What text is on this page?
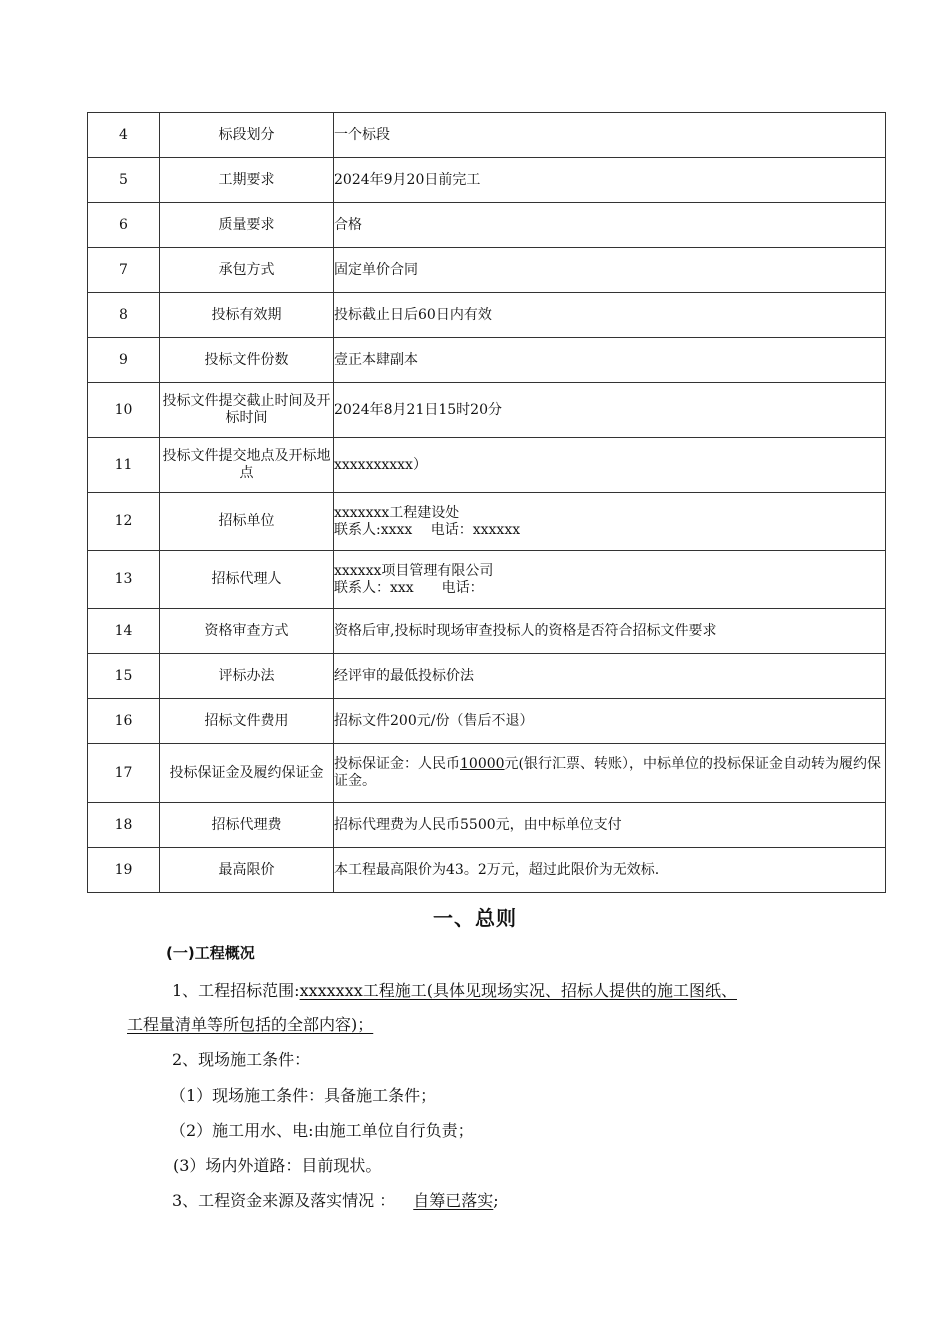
4	标段划分	一个标段
5	工期要求	2024年9月20日前完工
6	质量要求	合格
7	承包方式	固定单价合同
8	投标有效期	投标截止日后60日内有效
9	投标文件份数	壹正本肆副本
10	投标文件提交截止时间及开标时间	2024年8月21日15时20分
11	投标文件提交地点及开标地点	xxxxxxxxxx）
12	招标单位	xxxxxxx工程建设处
联系人:xxxx　 电话：xxxxxx

13	招标代理人	xxxxxx项目管理有限公司
联系人：xxx　　电话：

14	资格审查方式	资格后审,投标时现场审查投标人的资格是否符合招标文件要求
15	评标办法	经评审的最低投标价法
16	招标文件费用	招标文件200元/份（售后不退）
17	投标保证金及履约保证金	投标保证金：人民币10000元(银行汇票、转账），中标单位的投标保证金自动转为履约保证金。
18	招标代理费	招标代理费为人民币5500元，由中标单位支付
19	最高限价	本工程最高限价为43。2万元，超过此限价为无效标.
一、总则
(一)工程概况
1、工程招标范围:xxxxxxx工程施工(具体见现场实况、招标人提供的施工图纸、
工程量清单等所包括的全部内容)；
2、现场施工条件：
（1）现场施工条件：具备施工条件；
（2）施工用水、电:由施工单位自行负责；
(3）场内外道路：目前现状。
3、工程资金来源及落实情况 ： 自筹已落实;
